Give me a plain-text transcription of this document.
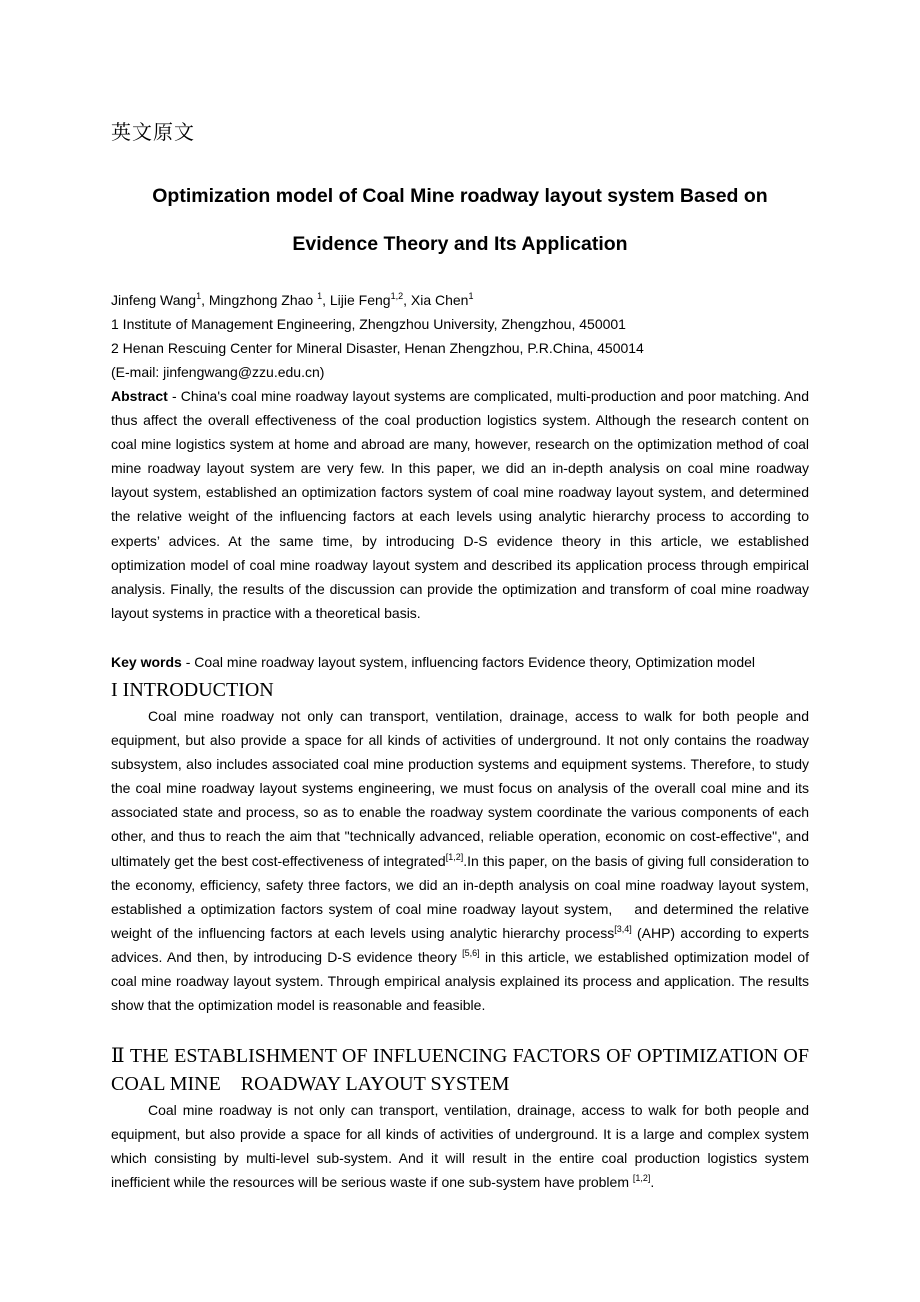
英文原文
Optimization model of Coal Mine roadway layout system Based on
Evidence Theory and Its Application
Jinfeng Wang$^1$, Mingzhong Zhao $^1$, Lijie Feng$^{1,2}$, Xia Chen$^1$
1 Institute of Management Engineering, Zhengzhou University, Zhengzhou, 450001
2 Henan Rescuing Center for Mineral Disaster, Henan Zhengzhou, P.R.China, 450014
(E-mail: jinfengwang@zzu.edu.cn)

Abstract - China's coal mine roadway layout systems are complicated, multi-production and poor matching. And thus affect the overall effectiveness of the coal production logistics system. Although the research content on coal mine logistics system at home and abroad are many, however, research on the optimization method of coal mine roadway layout system are very few. In this paper, we did an in-depth analysis on coal mine roadway layout system, established an optimization factors system of coal mine roadway layout system, and determined the relative weight of the influencing factors at each levels using analytic hierarchy process to according to experts’ advices. At the same time, by introducing D-S evidence theory in this article, we established optimization model of coal mine roadway layout system and described its application process through empirical analysis. Finally, the results of the discussion can provide the optimization and transform of coal mine roadway layout systems in practice with a theoretical basis.

Key words - Coal mine roadway layout system, influencing factors Evidence theory, Optimization model
I INTRODUCTION

Coal mine roadway not only can transport, ventilation, drainage, access to walk for both people and equipment, but also provide a space for all kinds of activities of underground. It not only contains the roadway subsystem, also includes associated coal mine production systems and equipment systems. Therefore, to study the coal mine roadway layout systems engineering, we must focus on analysis of the overall coal mine and its associated state and process, so as to enable the roadway system coordinate the various components of each other, and thus to reach the aim that "technically advanced, reliable operation, economic on cost-effective", and ultimately get the best cost-effectiveness of integrated[1,2].In this paper, on the basis of giving full consideration to the economy, efficiency, safety three factors, we did an in-depth analysis on coal mine roadway layout system, established a optimization factors system of coal mine roadway layout system,    and determined the relative weight of the influencing factors at each levels using analytic hierarchy process[3,4] (AHP) according to experts advices. And then, by introducing D-S evidence theory [5,6] in this article, we established optimization model of coal mine roadway layout system. Through empirical analysis explained its process and application. The results show that the optimization model is reasonable and feasible.

Ⅱ THE ESTABLISHMENT OF INFLUENCING FACTORS OF OPTIMIZATION OF COAL MINE    ROADWAY LAYOUT SYSTEM

Coal mine roadway is not only can transport, ventilation, drainage, access to walk for both people and equipment, but also provide a space for all kinds of activities of underground. It is a large and complex system which consisting by multi-level sub-system. And it will result in the entire coal production logistics system inefficient while the resources will be serious waste if one sub-system have problem [1,2].
